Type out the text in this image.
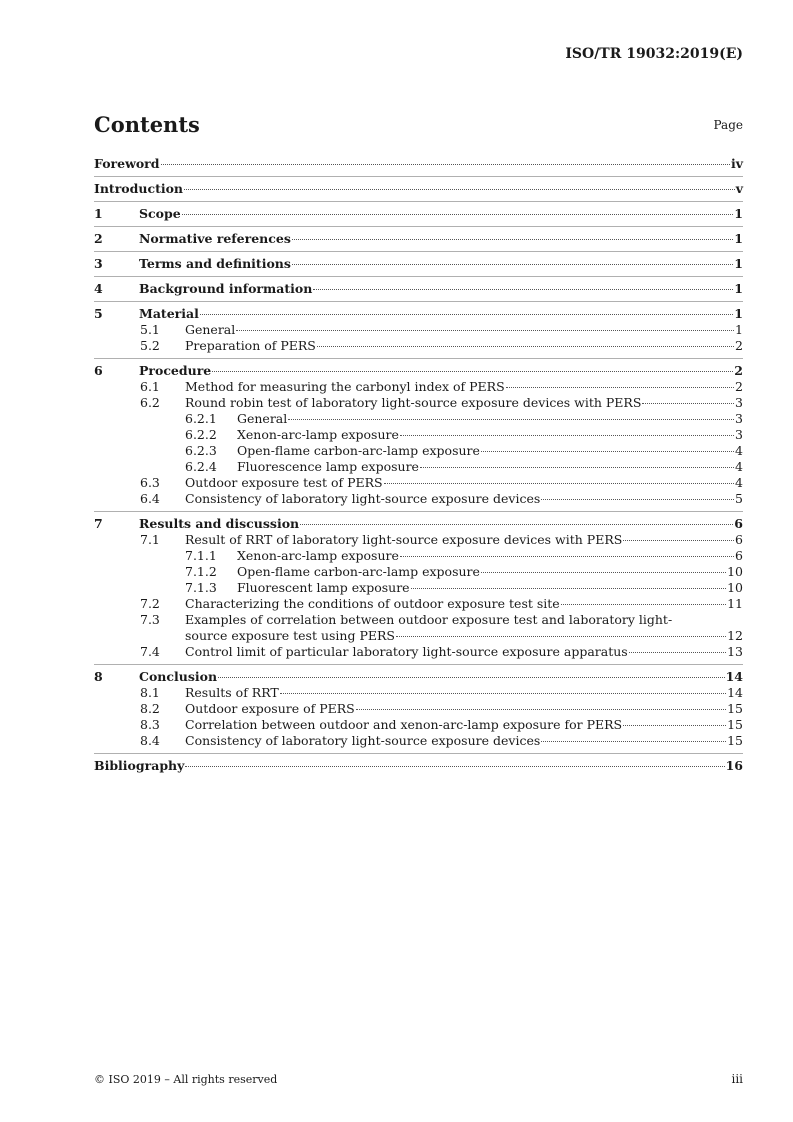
ISO/TR 19032:2019(E)
Contents	Page
Foreword	iv
Introduction	v
1	Scope	1
2	Normative references	1
3	Terms and definitions	1
4	Background information	1
5	Material	1
5.1	General	1
5.2	Preparation of PERS	2
6	Procedure	2
6.1	Method for measuring the carbonyl index of PERS	2
6.2	Round robin test of laboratory light-source exposure devices with PERS	3
6.2.1	General	3
6.2.2	Xenon-arc-lamp exposure	3
6.2.3	Open-flame carbon-arc-lamp exposure	4
6.2.4	Fluorescence lamp exposure	4
6.3	Outdoor exposure test of PERS	4
6.4	Consistency of laboratory light-source exposure devices	5
7	Results and discussion	6
7.1	Result of RRT of laboratory light-source exposure devices with PERS	6
7.1.1	Xenon-arc-lamp exposure	6
7.1.2	Open-flame carbon-arc-lamp exposure	10
7.1.3	Fluorescent lamp exposure	10
7.2	Characterizing the conditions of outdoor exposure test site	11
7.3	Examples of correlation between outdoor exposure test and laboratory light-
source exposure test using PERS	12
7.4	Control limit of particular laboratory light-source exposure apparatus	13
8	Conclusion	14
8.1	Results of RRT	14
8.2	Outdoor exposure of PERS	15
8.3	Correlation between outdoor and xenon-arc-lamp exposure for PERS	15
8.4	Consistency of laboratory light-source exposure devices	15
Bibliography	16
© ISO 2019 – All rights reserved	iii
